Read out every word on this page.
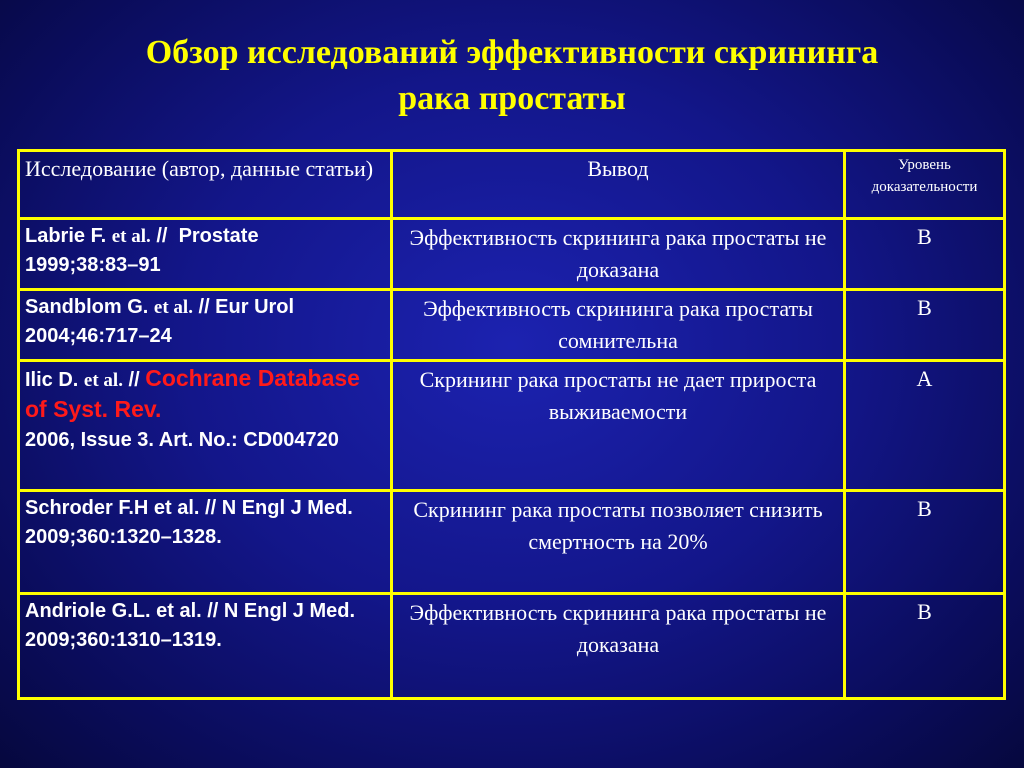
Обзор исследований эффективности скрининга
рака простаты
Исследование (автор, данные статьи)	Вывод	Уровень доказательности
Labrie F. et al. // Prostate
1999;38:83–91	Эффективность скрининга рака простаты не доказана	B
Sandblom G. et al. // Eur Urol
2004;46:717–24	Эффективность скрининга рака простаты сомнительна	B
Ilic D. et al. // Cochrane Database of Syst. Rev.
2006, Issue 3. Art. No.: CD004720	Скрининг рака простаты не дает прироста выживаемости	A
Schroder F.H et al. // N Engl J Med. 2009;360:1320–1328.	Скрининг рака простаты позволяет снизить смертность на 20%	B
Andriole G.L. et al. // N Engl J Med. 2009;360:1310–1319.	Эффективность скрининга рака простаты не доказана	B
